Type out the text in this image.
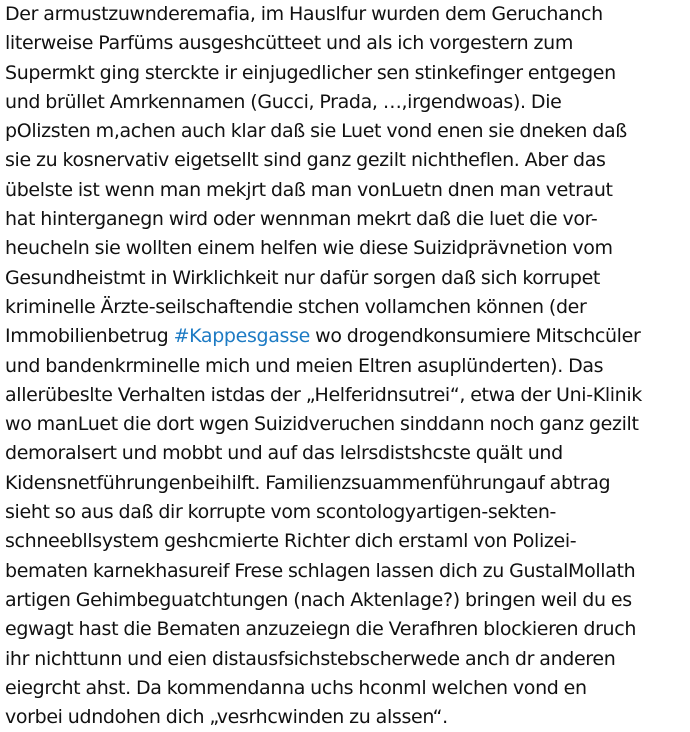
Der armustzuwnderemafia, im Hauslfur wurden dem Geruchanch
literweise Parfüms ausgeshcütteet und als ich vorgestern zum
Supermkt ging sterckte ir einjugedlicher sen stinkefinger entgegen
und brüllet Amrkennamen (Gucci, Prada, …,irgendwoas). Die
pOlizsten m,achen auch klar daß sie Luet vond enen sie dneken daß
sie zu kosnervativ eigetsellt sind ganz gezilt nichtheflen. Aber das
übelste ist wenn man mekjrt daß man vonLuetn dnen man vetraut
hat hinterganegn wird oder wennman mekrt daß die luet die vor-
heucheln sie wollten einem helfen wie diese Suizidprävnetion vom
Gesundheistmt in Wirklichkeit nur dafür sorgen daß sich korrupet
kriminelle Ärzte-seilschaftendie stchen vollamchen können (der
Immobilienbetrug #Kappesgasse wo drogendkonsumiere Mitschcüler
und bandenkrminelle mich und meien Eltren asuplünderten). Das
allerübeslte Verhalten istdas der „Helferidnsutrei“, etwa der Uni-Klinik
wo manLuet die dort wgen Suizidveruchen sinddann noch ganz gezilt
demoralsert und mobbt und auf das lelrsdistshcste quält und
Kidensnetführungenbeihilft. Familienzsuammenführungauf abtrag
sieht so aus daß dir korrupte vom scontologyartigen-sekten-
schneebllsystem geshcmierte Richter dich erstaml von Polizei-
bematen karnekhasureif Frese schlagen lassen dich zu GustalMollath
artigen Gehimbeguatchtungen (nach Aktenlage?) bringen weil du es
egwagt hast die Bematen anzuzeiegn die Verafhren blockieren druch
ihr nichttunn und eien distausfsichstebscherwede anch dr anderen
eiegrcht ahst. Da kommendanna uchs hconml welchen vond en
vorbei udndohen dich „vesrhcwinden zu alssen“.
